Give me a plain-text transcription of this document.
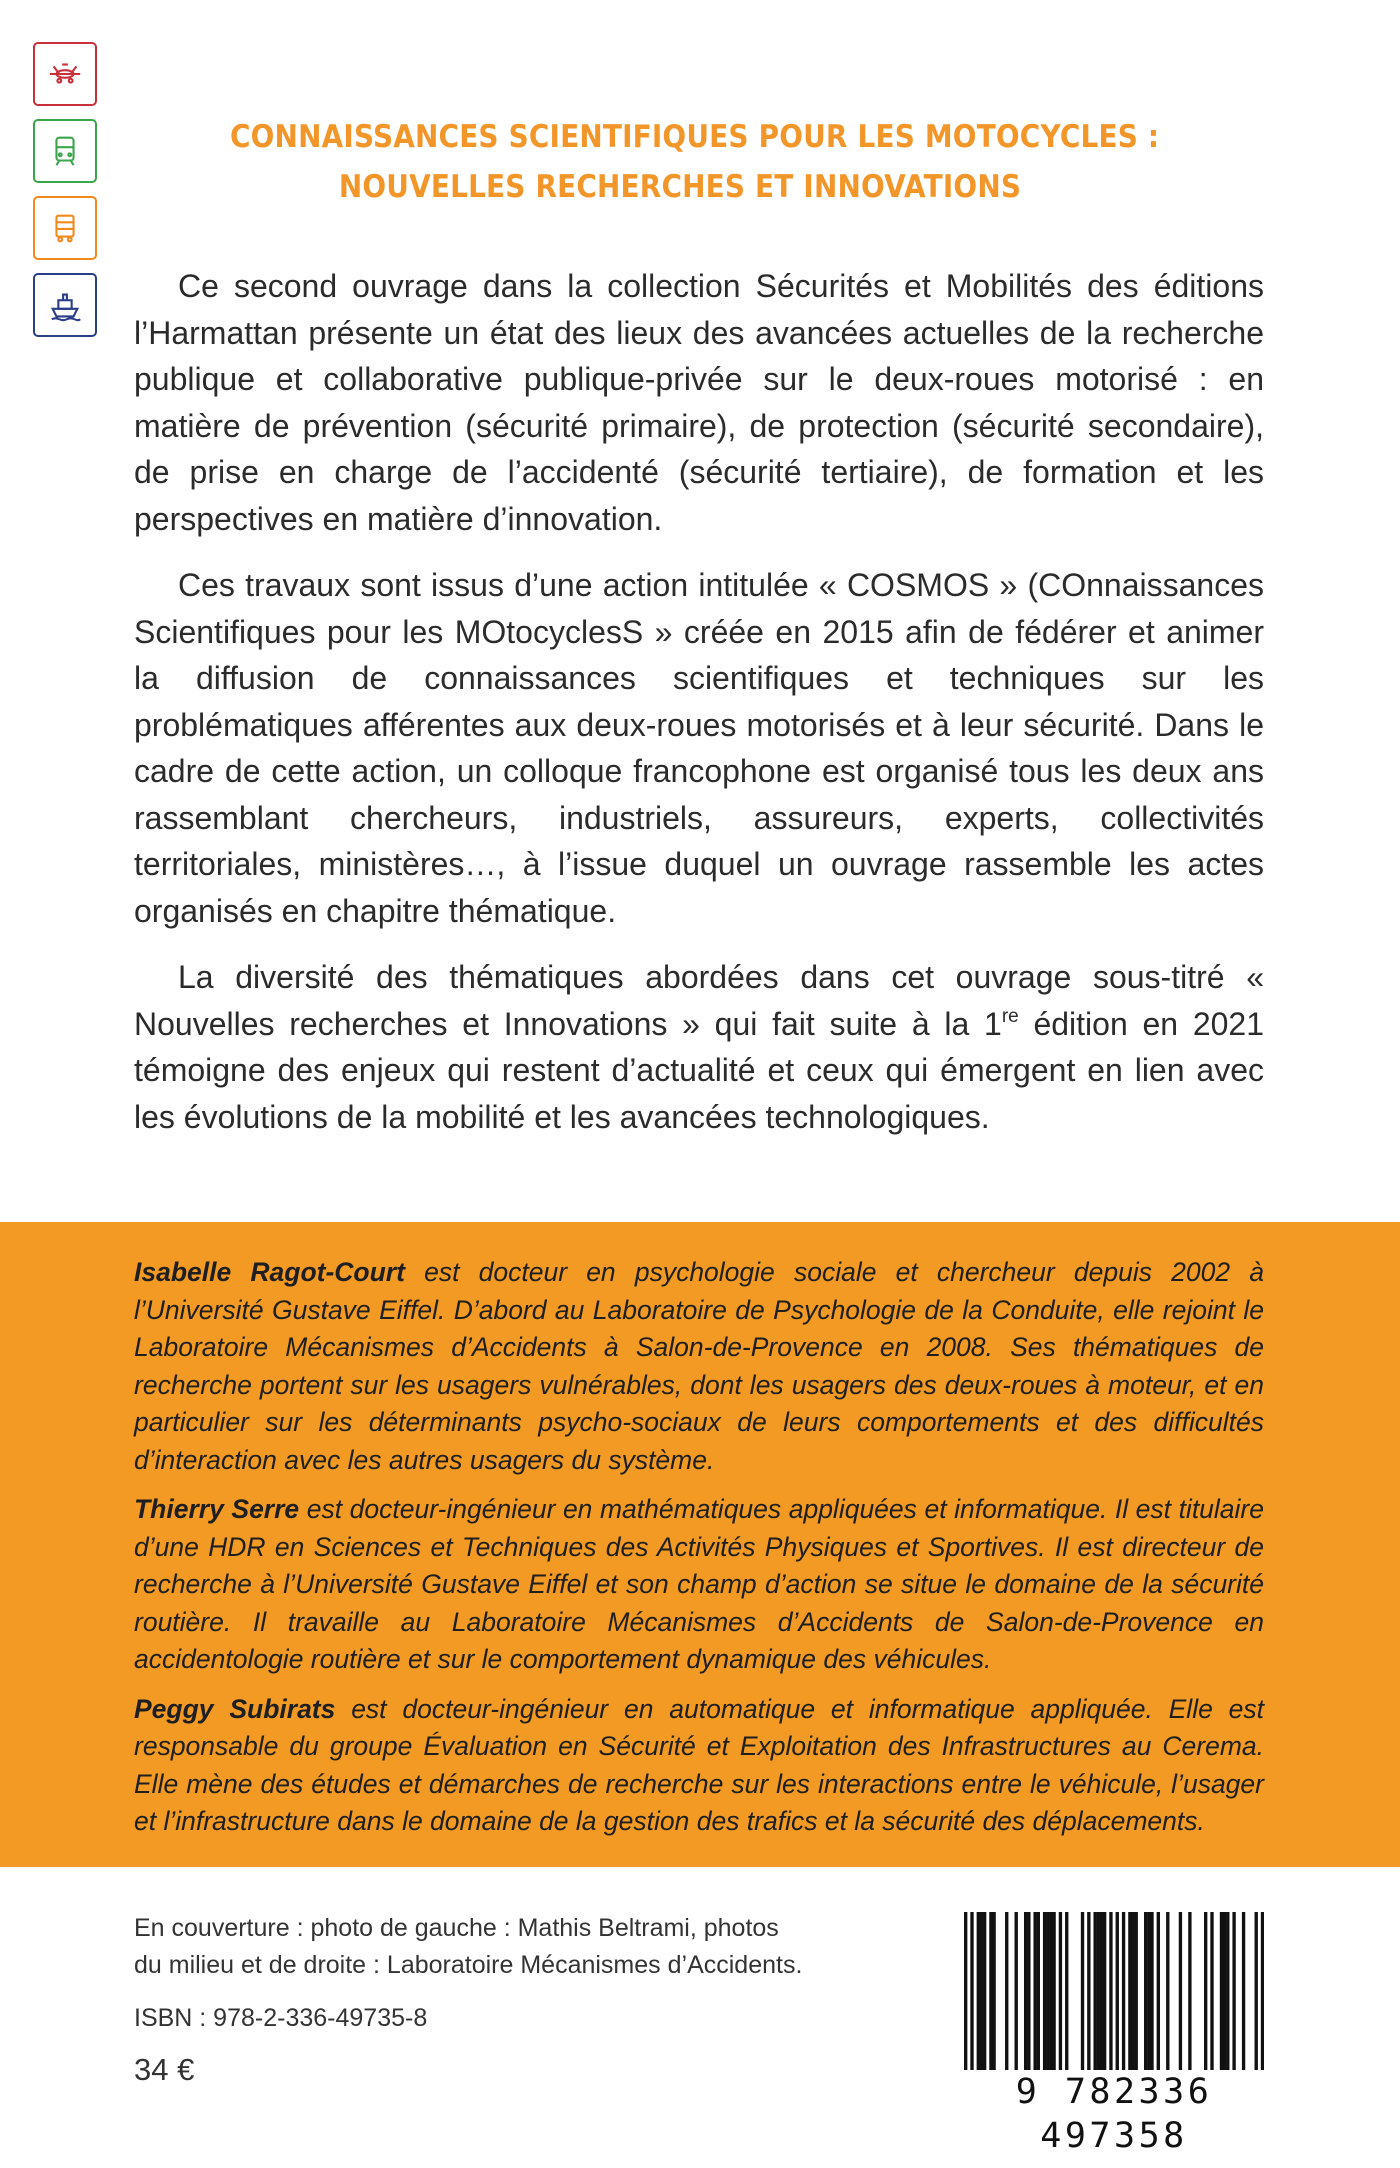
CONNAISSANCES SCIENTIFIQUES POUR LES MOTOCYCLES :
NOUVELLES RECHERCHES ET INNOVATIONS

Ce second ouvrage dans la collection Sécurités et Mobilités des éditions l’Harmattan présente un état des lieux des avancées actuelles de la recherche publique et collaborative publique-privée sur le deux-roues motorisé : en matière de prévention (sécurité primaire), de protection (sécurité secondaire), de prise en charge de l’accidenté (sécurité tertiaire), de formation et les perspectives en matière d’innovation.

Ces travaux sont issus d’une action intitulée « COSMOS » (COnnaissances Scientifiques pour les MOtocyclesS » créée en 2015 afin de fédérer et animer la diffusion de connaissances scientifiques et techniques sur les problématiques afférentes aux deux-roues motorisés et à leur sécurité. Dans le cadre de cette action, un colloque francophone est organisé tous les deux ans rassemblant chercheurs, industriels, assureurs, experts, collectivités territoriales, ministères…, à l’issue duquel un ouvrage rassemble les actes organisés en chapitre thématique.

La diversité des thématiques abordées dans cet ouvrage sous-titré « Nouvelles recherches et Innovations » qui fait suite à la 1re édition en 2021 témoigne des enjeux qui restent d’actualité et ceux qui émergent en lien avec les évolutions de la mobilité et les avancées technologiques.

Isabelle Ragot-Court est docteur en psychologie sociale et chercheur depuis 2002 à l’Université Gustave Eiffel. D’abord au Laboratoire de Psychologie de la Conduite, elle rejoint le Laboratoire Mécanismes d’Accidents à Salon-de-Provence en 2008. Ses thématiques de recherche portent sur les usagers vulnérables, dont les usagers des deux-roues à moteur, et en particulier sur les déterminants psycho-sociaux de leurs comportements et des difficultés d’interaction avec les autres usagers du système.

Thierry Serre est docteur-ingénieur en mathématiques appliquées et informatique. Il est titulaire d’une HDR en Sciences et Techniques des Activités Physiques et Sportives. Il est directeur de recherche à l’Université Gustave Eiffel et son champ d’action se situe le domaine de la sécurité routière. Il travaille au Laboratoire Mécanismes d’Accidents de Salon-de-Provence en accidentologie routière et sur le comportement dynamique des véhicules.

Peggy Subirats est docteur-ingénieur en automatique et informatique appliquée. Elle est responsable du groupe Évaluation en Sécurité et Exploitation des Infrastructures au Cerema. Elle mène des études et démarches de recherche sur les interactions entre le véhicule, l’usager et l’infrastructure dans le domaine de la gestion des trafics et la sécurité des déplacements.

En couverture : photo de gauche : Mathis Beltrami, photos
du milieu et de droite : Laboratoire Mécanismes d’Accidents.
ISBN : 978-2-336-49735-8
34 €
9 782336 497358
